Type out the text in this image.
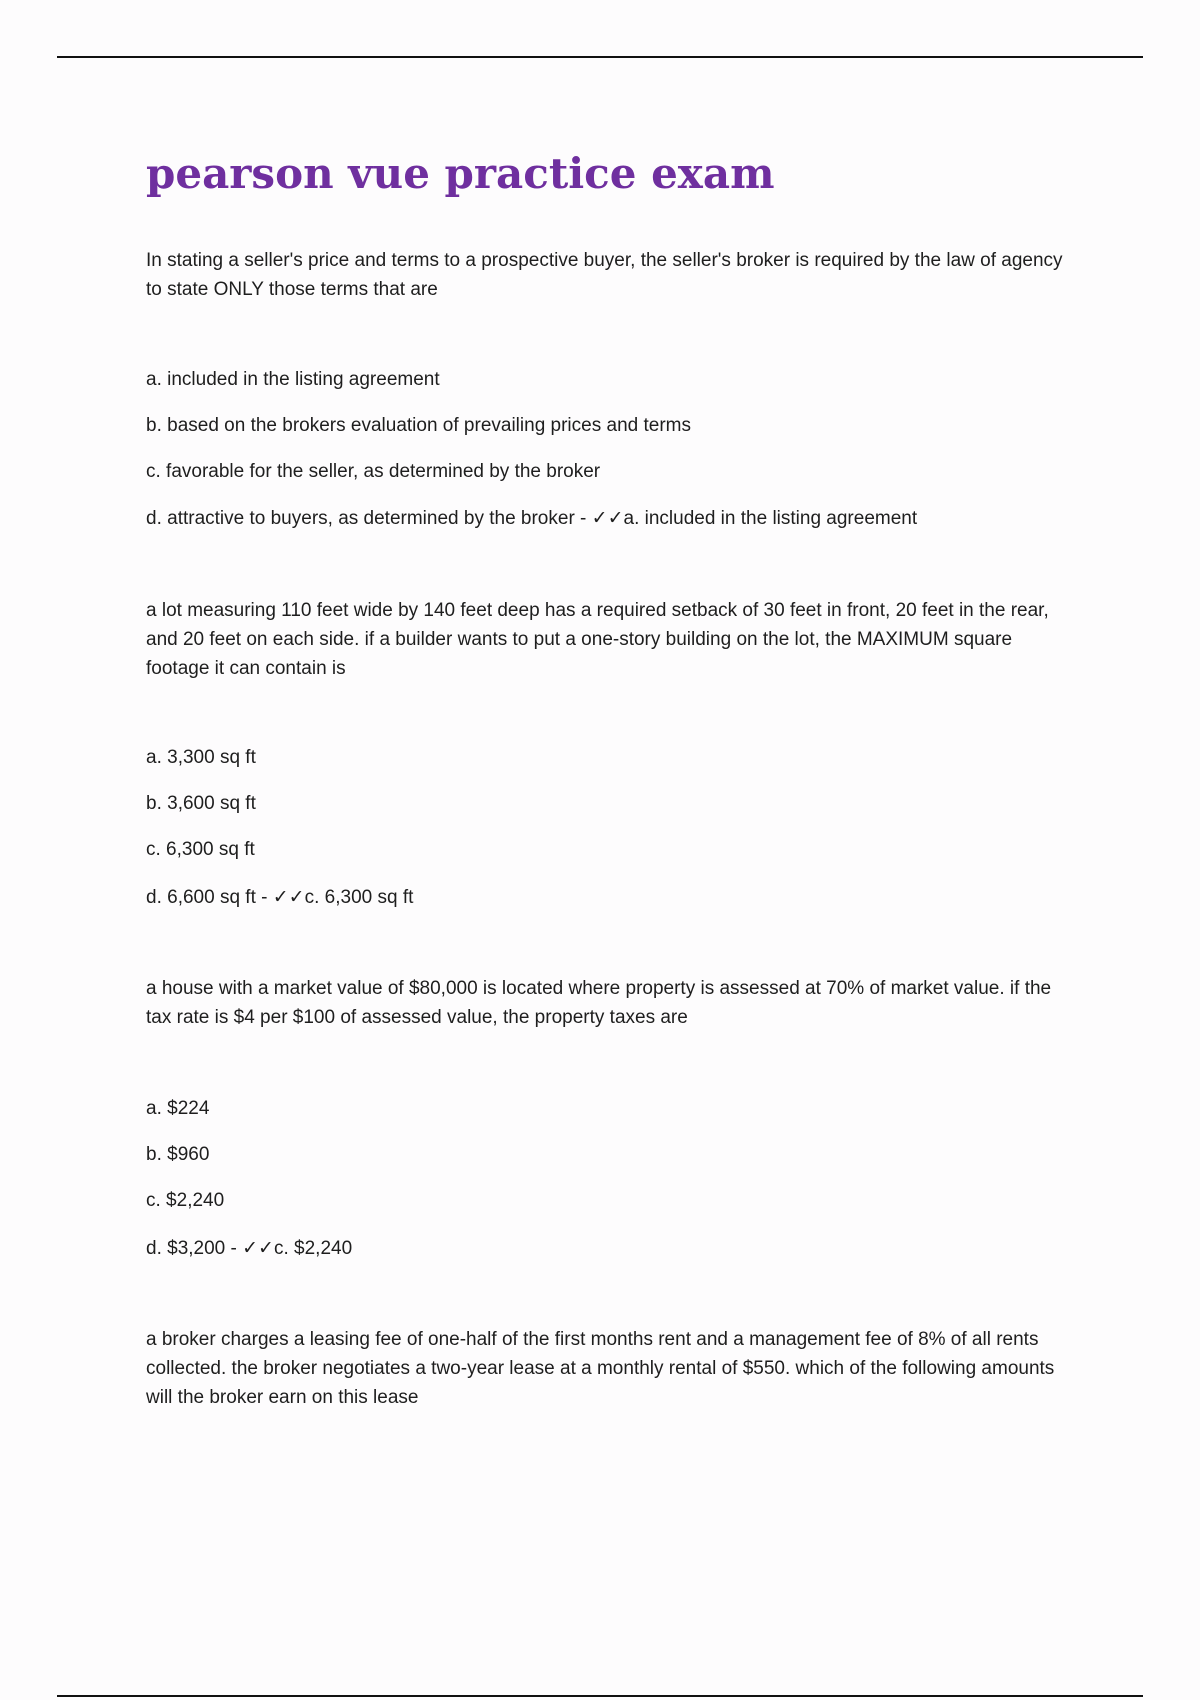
pearson vue practice exam

In stating a seller's price and terms to a prospective buyer, the seller's broker is required by the law of agency to state ONLY those terms that are

a. included in the listing agreement

b. based on the brokers evaluation of prevailing prices and terms

c. favorable for the seller, as determined by the broker

d. attractive to buyers, as determined by the broker - ✓✓a. included in the listing agreement

a lot measuring 110 feet wide by 140 feet deep has a required setback of 30 feet in front, 20 feet in the rear, and 20 feet on each side. if a builder wants to put a one-story building on the lot, the MAXIMUM square footage it can contain is

a. 3,300 sq ft

b. 3,600 sq ft

c. 6,300 sq ft

d. 6,600 sq ft - ✓✓c. 6,300 sq ft

a house with a market value of $80,000 is located where property is assessed at 70% of market value. if the tax rate is $4 per $100 of assessed value, the property taxes are

a. $224

b. $960

c. $2,240

d. $3,200 - ✓✓c. $2,240

a broker charges a leasing fee of one-half of the first months rent and a management fee of 8% of all rents collected. the broker negotiates a two-year lease at a monthly rental of $550. which of the following amounts will the broker earn on this lease
